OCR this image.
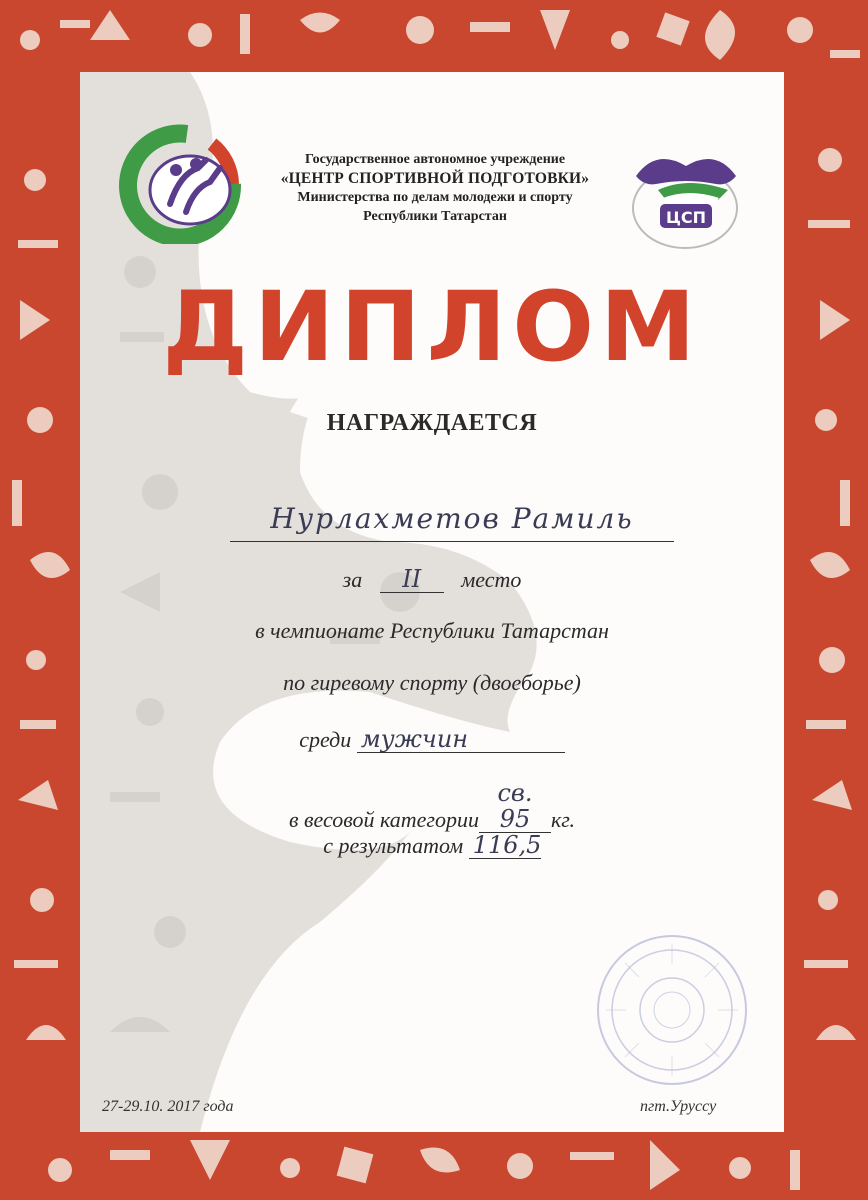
Государственное автономное учреждение
«ЦЕНТР СПОРТИВНОЙ ПОДГОТОВКИ»
Министерства по делам молодежи и спорту
Республики Татарстан	ЦСП
ДИПЛОМ
НАГРАЖДАЕТСЯ
Нурлахметов Рамиль
за II место
в чемпионате Республики Татарстан
по гиревому спорту (двоеборье)
среди мужчин
в весовой категориисв. 95 кг.
с результатом 116,5
27-29.10. 2017 года	пгт.Уруссу
